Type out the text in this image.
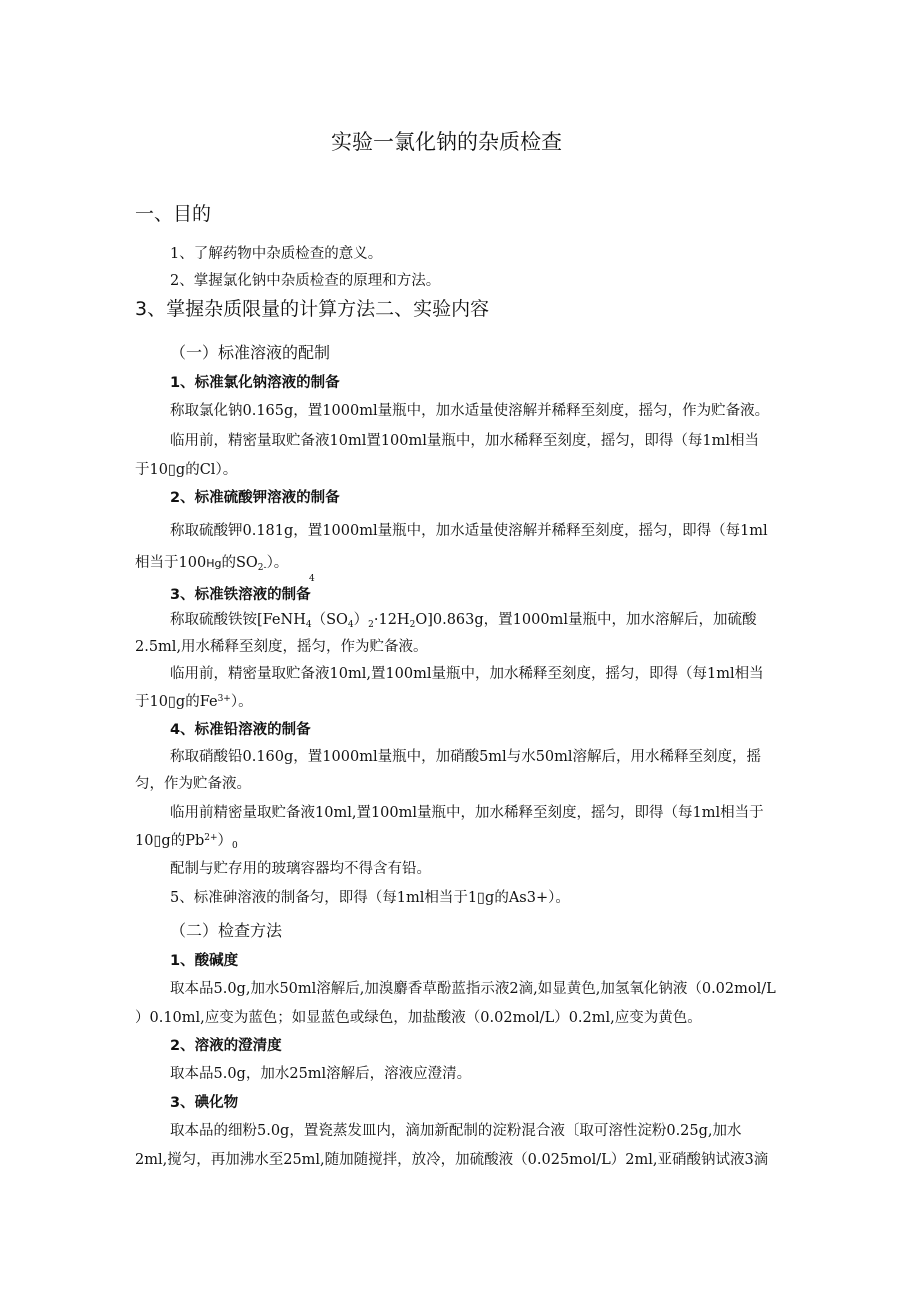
实验一氯化钠的杂质检查
一、目的
1、了解药物中杂质检查的意义。
2、掌握氯化钠中杂质检查的原理和方法。
3、掌握杂质限量的计算方法二、实验内容
（一）标准溶液的配制
1、标准氯化钠溶液的制备
称取氯化钠0.165g，置1000ml量瓶中，加水适量使溶解并稀释至刻度，摇匀，作为贮备液。
临用前，精密量取贮备液10ml置100ml量瓶中，加水稀释至刻度，摇匀，即得（每1ml相当
于10▯g的Cl）。
2、标准硫酸钾溶液的制备
称取硫酸钾0.181g，置1000ml量瓶中，加水适量使溶解并稀释至刻度，摇匀，即得（每1ml
相当于100Hg的$SO_{2-}$）。
4
3、标准铁溶液的制备
称取硫酸铁铵$[FeNH_4(SO_4)_2\cdot 12H_2O]0.863g$，置1000ml量瓶中，加水溶解后，加硫酸
2.5ml,用水稀释至刻度，摇匀，作为贮备液。
临用前，精密量取贮备液10ml,置100ml量瓶中，加水稀释至刻度，摇匀，即得（每1ml相当
于10▯g的$Fe^{3+}$）。
4、标准铅溶液的制备
称取硝酸铅0.160g，置1000ml量瓶中，加硝酸5ml与水50ml溶解后，用水稀释至刻度，摇
匀，作为贮备液。
临用前精密量取贮备液10ml,置100ml量瓶中，加水稀释至刻度，摇匀，即得（每1ml相当于
10▯g的$Pb^{2+})_0$
配制与贮存用的玻璃容器均不得含有铅。
5、标准砷溶液的制备匀，即得（每1ml相当于1▯g的As3+）。
（二）检查方法
1、酸碱度
取本品5.0g,加水50ml溶解后,加溴麝香草酚蓝指示液2滴,如显黄色,加氢氧化钠液（0.02mol/L
）0.10ml,应变为蓝色；如显蓝色或绿色，加盐酸液（0.02mol/L）0.2ml,应变为黄色。
2、溶液的澄清度
取本品5.0g，加水25ml溶解后，溶液应澄清。
3、碘化物
取本品的细粉5.0g，置瓷蒸发皿内，滴加新配制的淀粉混合液〔取可溶性淀粉0.25g,加水
2ml,搅匀，再加沸水至25ml,随加随搅拌，放冷，加硫酸液（0.025mol/L）2ml,亚硝酸钠试液3滴
